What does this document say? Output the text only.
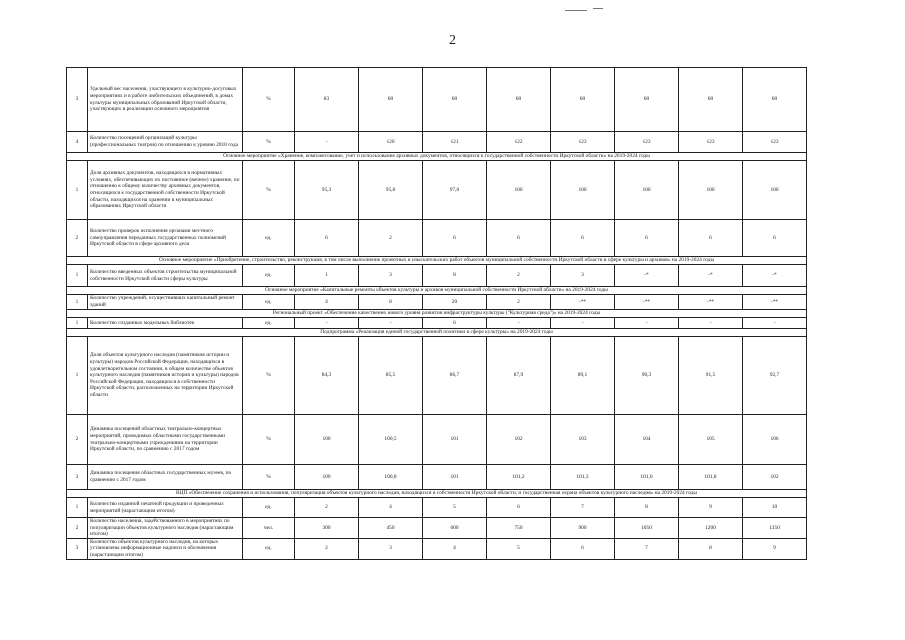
2
3	Удельный вес населения, участвующего в культурно-досуговых мероприятиях и в работе любительских объединений, в домах культуры муниципальных образований Иркутской области, участвующих в реализации основного мероприятия	%	83	60	60	60	60	60	60	60
4	Количество посещений организаций культуры (профессиональных театров) по отношению к уровню 2010 года	%	-	120	121	122	123	123	123	123
Основное мероприятие «Хранение, комплектование, учет и использование архивных документов, относящихся к государственной собственности Иркутской области» на 2019-2024 годы										
1	Доля архивных документов, находящихся в нормативных условиях, обеспечивающих их постоянное (вечное) хранение, по отношению к общему количеству архивных документов, относящихся к государственной собственности Иркутской области, находящихся на хранении в муниципальных образованиях Иркутской области	%	95,3	95,8	97,0	100	100	100	100	100
2	Количество проверок исполнения органами местного самоуправления переданных государственных полномочий Иркутской области в сфере архивного дела	ед.	6	2	6	6	6	6	6	6
Основное мероприятие «Приобретение, строительство, реконструкция, в том числе выполнение проектных и изыскательских работ объектов муниципальной собственности Иркутской области в сфере культуры и архивов» на 2019-2024 годы										
1	Количество введенных объектов строительства муниципальной собственности Иркутской области сферы культуры	ед.	1	3	8	2	3	-*	-*	-*
Основное мероприятие «Капитальные ремонты объектов культуры и архивов муниципальной собственности Иркутской области» на 2019-2024 годы										
1	Количество учреждений, осуществивших капитальный ремонт зданий	ед.	4	8	20	2	-**	-**	-**	-**
Региональный проект «Обеспечение качественно нового уровня развития инфраструктуры культуры ("Культурная среда")» на 2019-2024 годы										
1	Количество созданных модельных библиотек	ед.	-	-	6	-	-	-	-	-
Подпрограмма «Реализация единой государственной политики в сфере культуры» на 2019-2024 годы										
1	Доля объектов культурного наследия (памятников истории и культуры) народов Российской Федерации, находящихся в удовлетворительном состоянии, в общем количестве объектов культурного наследия (памятников истории и культуры) народов Российской Федерации, находящихся в собственности Иркутской области, расположенных на территории Иркутской области	%	84,3	85,5	86,7	87,9	89,1	90,3	91,5	92,7
2	Динамика посещений областных театрально-концертных мероприятий, проводимых областными государственными театрально-концертными учреждениями на территории Иркутской области, по сравнению с 2017 годом	%	100	100,5	101	102	103	104	105	106
3	Динамика посещения областных государственных музеев, по сравнению с 2017 годом	%	100	100,8	101	101,2	101,3	101,6	101,8	102
ВЦП «Обеспечение сохранения и использования, популяризация объектов культурного наследия, находящихся в собственности Иркутской области, и государственная охрана объектов культурного наследия» на 2019-2024 годы										
1	Количество изданной печатной продукции и проведенных мероприятий (нарастающим итогом)	ед.	2	4	5	6	7	8	9	10
2	Количество населения, задействованного в мероприятиях по популяризации объектов культурного наследия (нарастающим итогом)	чел.	300	450	600	750	900	1050	1200	1350
3	Количество объектов культурного наследия, на которых установлены информационные надписи и обозначения (нарастающим итогом)	ед.	2	3	4	5	6	7	8	9
